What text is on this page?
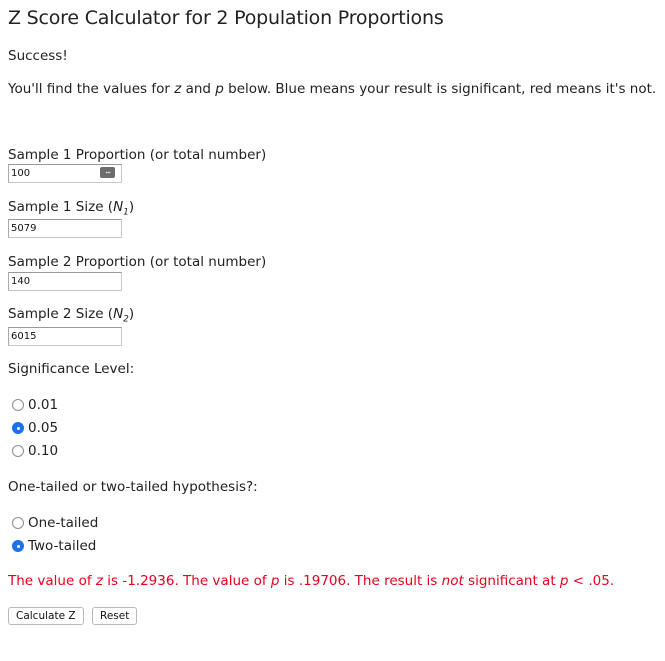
Z Score Calculator for 2 Population Proportions

Success!

You'll find the values for z and p below. Blue means your result is significant, red means it's not.

Sample 1 Proportion (or total number)
100
⋯
Sample 1 Size $(N_1)$
5079
Sample 2 Proportion (or total number)
140
Sample 2 Size $(N_2)$
6015
Significance Level:
0.01
0.05
0.10
One-tailed or two-tailed hypothesis?:
One-tailed
Two-tailed
The value of z is -1.2936. The value of p is .19706. The result is not significant at p < .05.
Calculate Z	Reset
